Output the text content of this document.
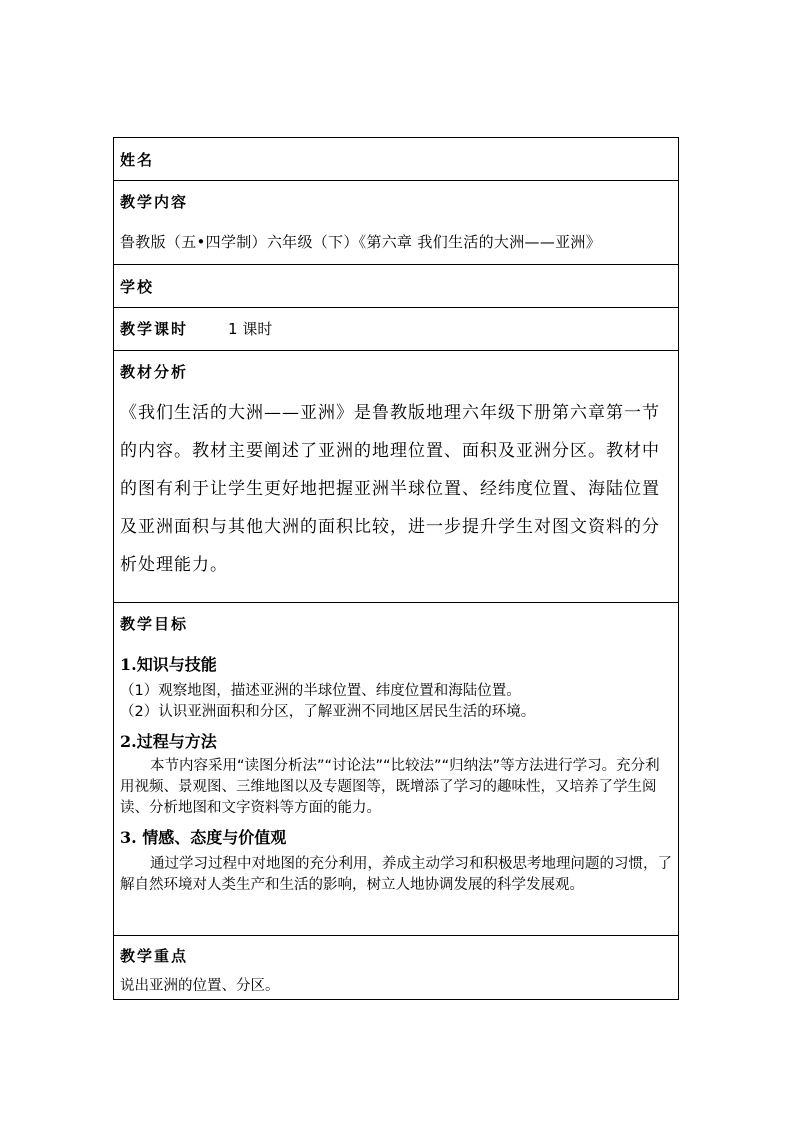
姓名
教学内容
鲁教版（五•四学制）六年级（下）《第六章 我们生活的大洲——亚洲》
学校
教学课时	1 课时
教材分析
《我们生活的大洲——亚洲》是鲁教版地理六年级下册第六章第一节的内容。教材主要阐述了亚洲的地理位置、面积及亚洲分区。教材中的图有利于让学生更好地把握亚洲半球位置、经纬度位置、海陆位置及亚洲面积与其他大洲的面积比较，进一步提升学生对图文资料的分析处理能力。
教学目标
1.知识与技能

（1）观察地图，描述亚洲的半球位置、纬度位置和海陆位置。

（2）认识亚洲面积和分区，了解亚洲不同地区居民生活的环境。

2.过程与方法
本节内容采用“读图分析法”“讨论法”“比较法”“归纳法”等方法进行学习。充分利用视频、景观图、三维地图以及专题图等，既增添了学习的趣味性，又培养了学生阅读、分析地图和文字资料等方面的能力。
3. 情感、态度与价值观
通过学习过程中对地图的充分利用，养成主动学习和积极思考地理问题的习惯，了解自然环境对人类生产和生活的影响，树立人地协调发展的科学发展观。
教学重点
说出亚洲的位置、分区。
